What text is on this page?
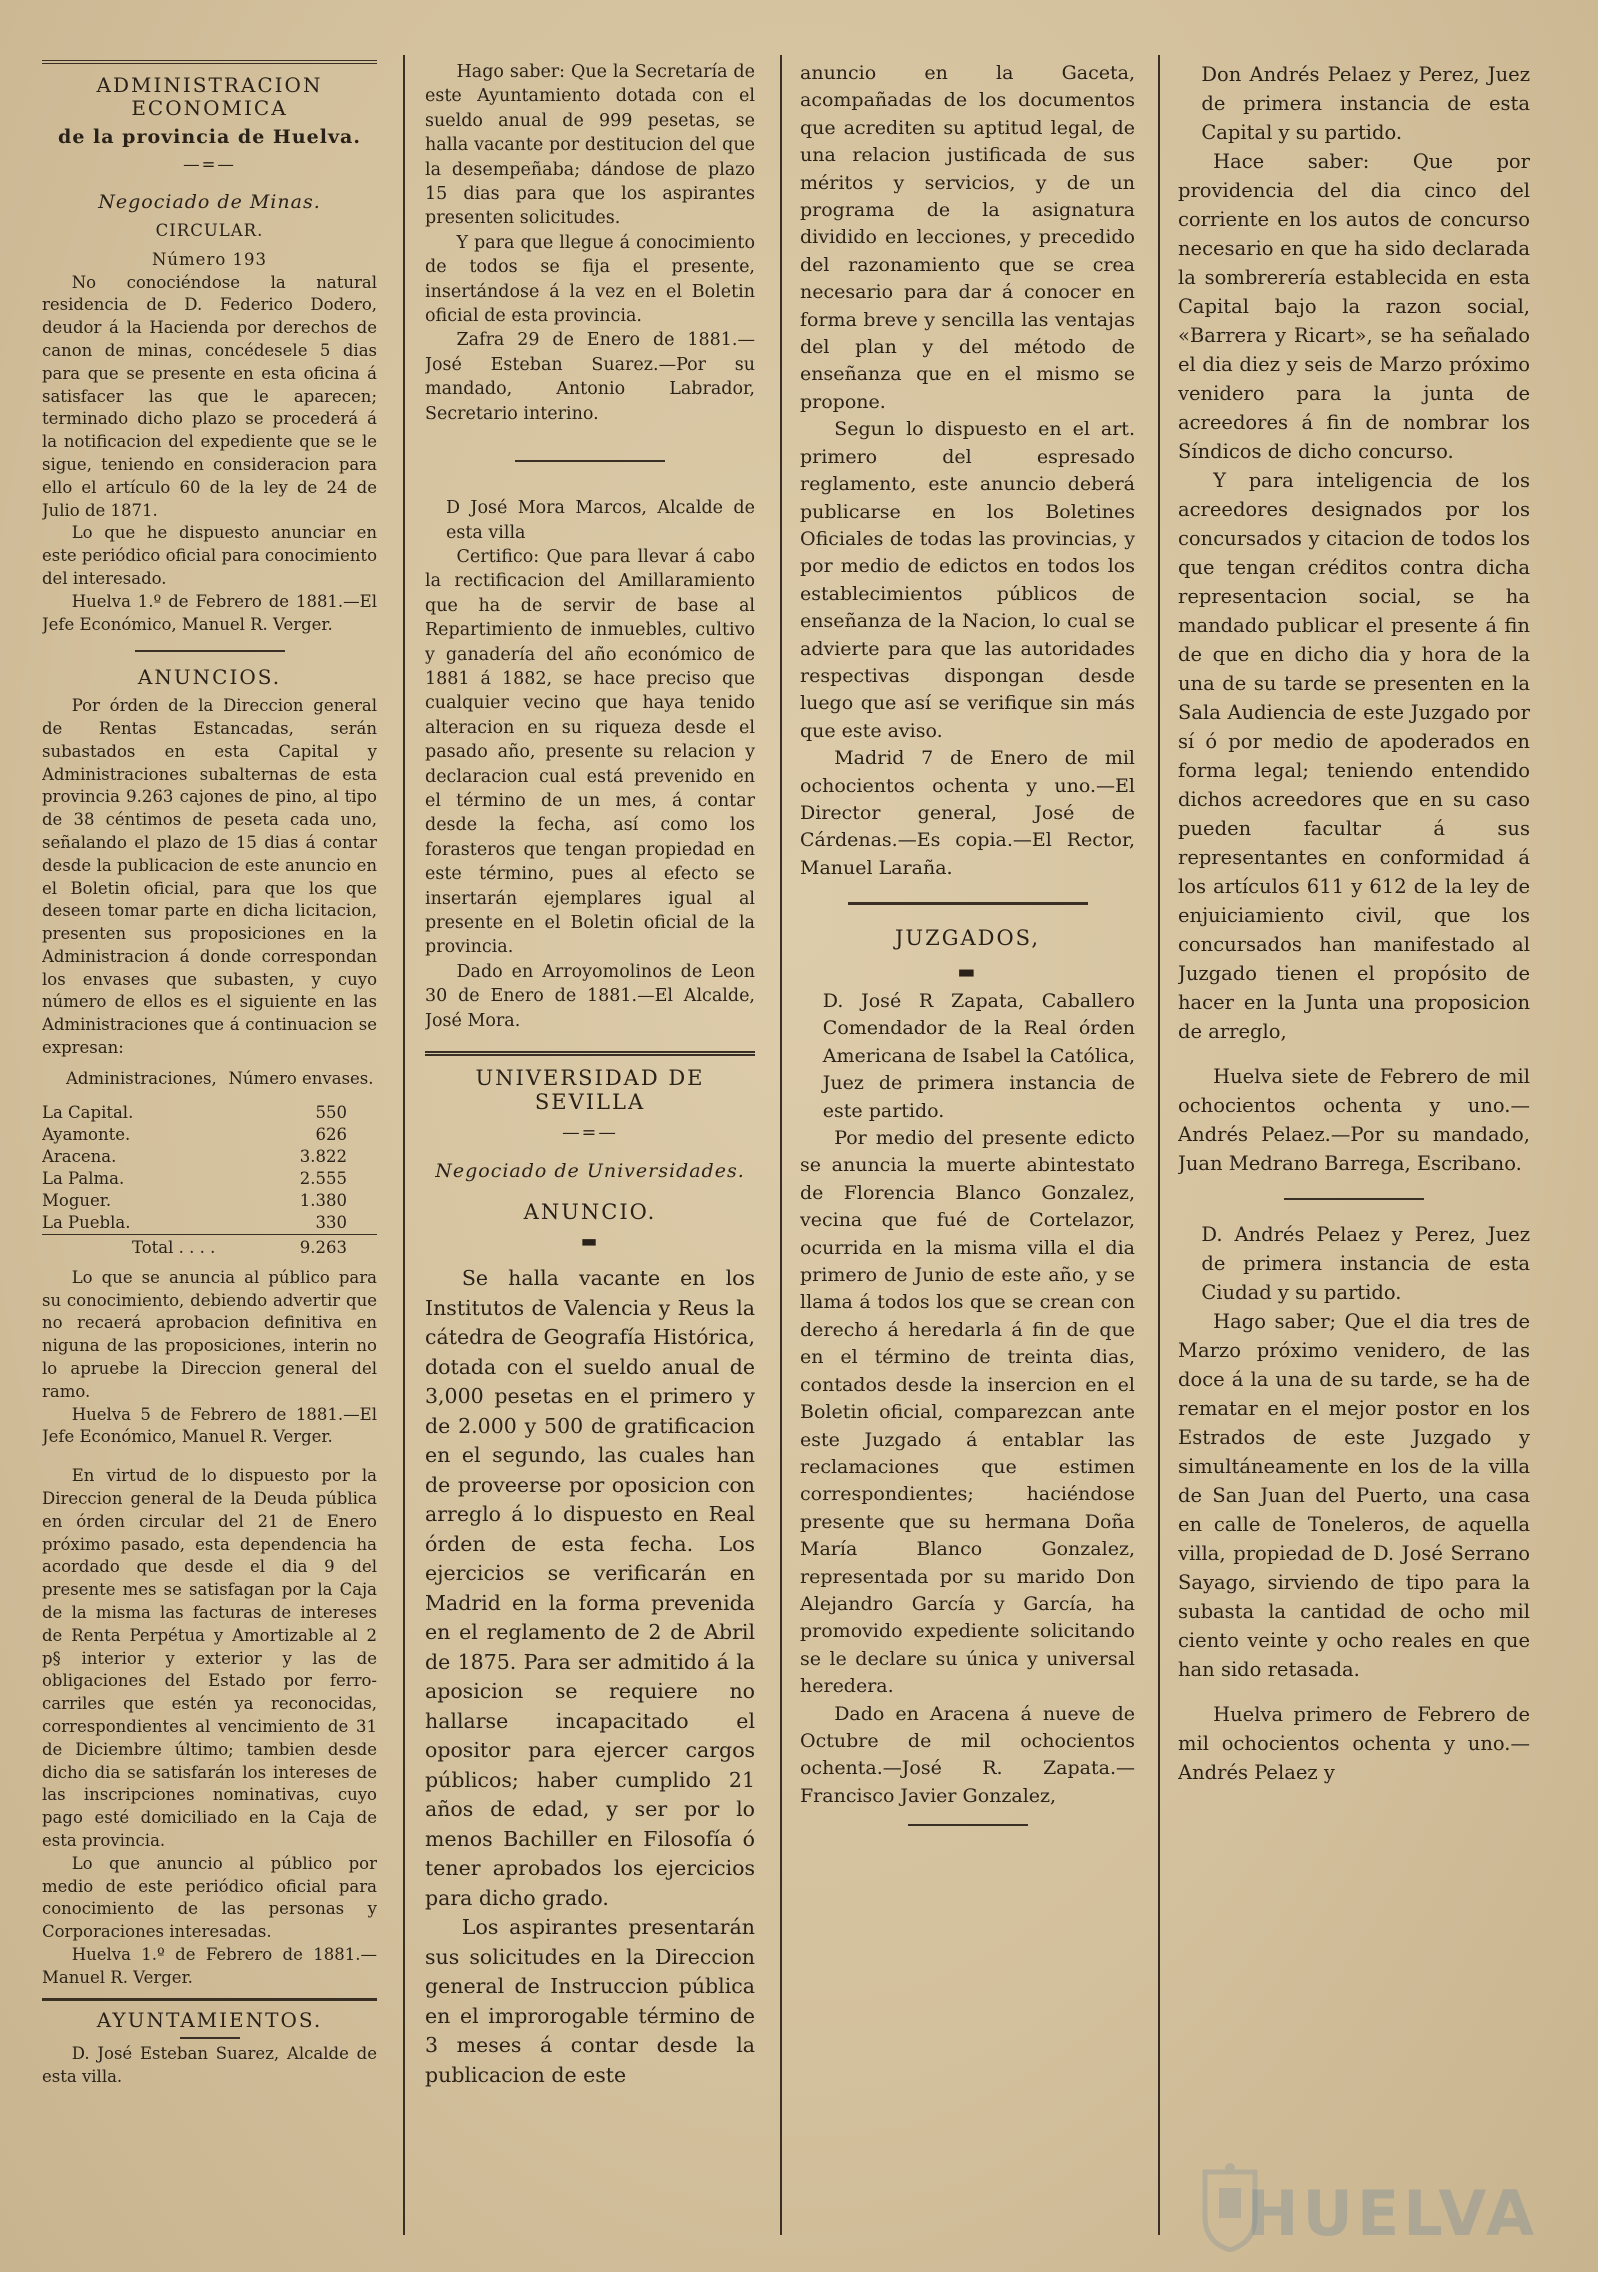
ADMINISTRACION ECONOMICA
de la provincia de Huelva.
—=—
Negociado de Minas.
CIRCULAR.
Número 193

No conociéndose la natural residencia de D. Federico Dodero, deudor á la Hacienda por derechos de canon de minas, concédesele 5 dias para que se presente en esta oficina á satisfacer las que le aparecen; terminado dicho plazo se procederá á la notificacion del expediente que se le sigue, teniendo en consideracion para ello el artículo 60 de la ley de 24 de Julio de 1871.

Lo que he dispuesto anunciar en este periódico oficial para conocimiento del interesado.

Huelva 1.º de Febrero de 1881.—El Jefe Económico, Manuel R. Verger.

ANUNCIOS.

Por órden de la Direccion general de Rentas Estancadas, serán subastados en esta Capital y Administraciones subalternas de esta provincia 9.263 cajones de pino, al tipo de 38 céntimos de peseta cada uno, señalando el plazo de 15 dias á contar desde la publicacion de este anuncio en el Boletin oficial, para que los que deseen tomar parte en dicha licitacion, presenten sus proposiciones en la Administracion á donde correspondan los envases que subasten, y cuyo número de ellos es el siguiente en las Administraciones que á continuacion se expresan:

Administraciones,	Número envases.
La Capital.	550
Ayamonte.	626
Aracena.	3.822
La Palma.	2.555
Moguer.	1.380
La Puebla.	330
Total . . . .	9.263

Lo que se anuncia al público para su conocimiento, debiendo advertir que no recaerá aprobacion definitiva en niguna de las proposiciones, interin no lo apruebe la Direccion general del ramo.

Huelva 5 de Febrero de 1881.—El Jefe Económico, Manuel R. Verger.

En virtud de lo dispuesto por la Direccion general de la Deuda pública en órden circular del 21 de Enero próximo pasado, esta dependencia ha acordado que desde el dia 9 del presente mes se satisfagan por la Caja de la misma las facturas de intereses de Renta Perpétua y Amortizable al 2 p§ interior y exterior y las de obligaciones del Estado por ferro-carriles que estén ya reconocidas, correspondientes al vencimiento de 31 de Diciembre último; tambien desde dicho dia se satisfarán los intereses de las inscripciones nominativas, cuyo pago esté domiciliado en la Caja de esta provincia.

Lo que anuncio al público por medio de este periódico oficial para conocimiento de las personas y Corporaciones interesadas.

Huelva 1.º de Febrero de 1881.—Manuel R. Verger.

AYUNTAMIENTOS.

D. José Esteban Suarez, Alcalde de esta villa.

Hago saber: Que la Secretaría de este Ayuntamiento dotada con el sueldo anual de 999 pesetas, se halla vacante por destitucion del que la desempeñaba; dándose de plazo 15 dias para que los aspirantes presenten solicitudes.

Y para que llegue á conocimiento de todos se fija el presente, insertándose á la vez en el Boletin oficial de esta provincia.

Zafra 29 de Enero de 1881.—José Esteban Suarez.—Por su mandado, Antonio Labrador, Secretario interino.

D José Mora Marcos, Alcalde de esta villa

Certifico: Que para llevar á cabo la rectificacion del Amillaramiento que ha de servir de base al Repartimiento de inmuebles, cultivo y ganadería del año económico de 1881 á 1882, se hace preciso que cualquier vecino que haya tenido alteracion en su riqueza desde el pasado año, presente su relacion y declaracion cual está prevenido en el término de un mes, á contar desde la fecha, así como los forasteros que tengan propiedad en este término, pues al efecto se insertarán ejemplares igual al presente en el Boletin oficial de la provincia.

Dado en Arroyomolinos de Leon 30 de Enero de 1881.—El Alcalde, José Mora.

UNIVERSIDAD DE SEVILLA
—=—
Negociado de Universidades.
ANUNCIO.
▬

Se halla vacante en los Institutos de Valencia y Reus la cátedra de Geografía Histórica, dotada con el sueldo anual de 3,000 pesetas en el primero y de 2.000 y 500 de gratificacion en el segundo, las cuales han de proveerse por oposicion con arreglo á lo dispuesto en Real órden de esta fecha. Los ejercicios se verificarán en Madrid en la forma prevenida en el reglamento de 2 de Abril de 1875. Para ser admitido á la aposicion se requiere no hallarse incapacitado el opositor para ejercer cargos públicos; haber cumplido 21 años de edad, y ser por lo menos Bachiller en Filosofía ó tener aprobados los ejercicios para dicho grado.

Los aspirantes presentarán sus solicitudes en la Direccion general de Instruccion pública en el improrogable término de 3 meses á contar desde la publicacion de este

anuncio en la Gaceta, acompañadas de los documentos que acrediten su aptitud legal, de una relacion justificada de sus méritos y servicios, y de un programa de la asignatura dividido en lecciones, y precedido del razonamiento que se crea necesario para dar á conocer en forma breve y sencilla las ventajas del plan y del método de enseñanza que en el mismo se propone.

Segun lo dispuesto en el art. primero del espresado reglamento, este anuncio deberá publicarse en los Boletines Oficiales de todas las provincias, y por medio de edictos en todos los establecimientos públicos de enseñanza de la Nacion, lo cual se advierte para que las autoridades respectivas dispongan desde luego que así se verifique sin más que este aviso.

Madrid 7 de Enero de mil ochocientos ochenta y uno.—El Director general, José de Cárdenas.—Es copia.—El Rector, Manuel Laraña.

JUZGADOS,
▬

D. José R Zapata, Caballero Comendador de la Real órden Americana de Isabel la Católica, Juez de primera instancia de este partido.

Por medio del presente edicto se anuncia la muerte abintestato de Florencia Blanco Gonzalez, vecina que fué de Cortelazor, ocurrida en la misma villa el dia primero de Junio de este año, y se llama á todos los que se crean con derecho á heredarla á fin de que en el término de treinta dias, contados desde la insercion en el Boletin oficial, comparezcan ante este Juzgado á entablar las reclamaciones que estimen correspondientes; haciéndose presente que su hermana Doña María Blanco Gonzalez, representada por su marido Don Alejandro García y García, ha promovido expediente solicitando se le declare su única y universal heredera.

Dado en Aracena á nueve de Octubre de mil ochocientos ochenta.—José R. Zapata.—Francisco Javier Gonzalez,

Don Andrés Pelaez y Perez, Juez de primera instancia de esta Capital y su partido.

Hace saber: Que por providencia del dia cinco del corriente en los autos de concurso necesario en que ha sido declarada la sombrerería establecida en esta Capital bajo la razon social, «Barrera y Ricart», se ha señalado el dia diez y seis de Marzo próximo venidero para la junta de acreedores á fin de nombrar los Síndicos de dicho concurso.

Y para inteligencia de los acreedores designados por los concursados y citacion de todos los que tengan créditos contra dicha representacion social, se ha mandado publicar el presente á fin de que en dicho dia y hora de la una de su tarde se presenten en la Sala Audiencia de este Juzgado por sí ó por medio de apoderados en forma legal; teniendo entendido dichos acreedores que en su caso pueden facultar á sus representantes en conformidad á los artículos 611 y 612 de la ley de enjuiciamiento civil, que los concursados han manifestado al Juzgado tienen el propósito de hacer en la Junta una proposicion de arreglo,

Huelva siete de Febrero de mil ochocientos ochenta y uno.—Andrés Pelaez.—Por su mandado, Juan Medrano Barrega, Escribano.

D. Andrés Pelaez y Perez, Juez de primera instancia de esta Ciudad y su partido.

Hago saber; Que el dia tres de Marzo próximo venidero, de las doce á la una de su tarde, se ha de rematar en el mejor postor en los Estrados de este Juzgado y simultáneamente en los de la villa de San Juan del Puerto, una casa en calle de Toneleros, de aquella villa, propiedad de D. José Serrano Sayago, sirviendo de tipo para la subasta la cantidad de ocho mil ciento veinte y ocho reales en que han sido retasada.

Huelva primero de Febrero de mil ochocientos ochenta y uno.—Andrés Pelaez y

HUELVA
